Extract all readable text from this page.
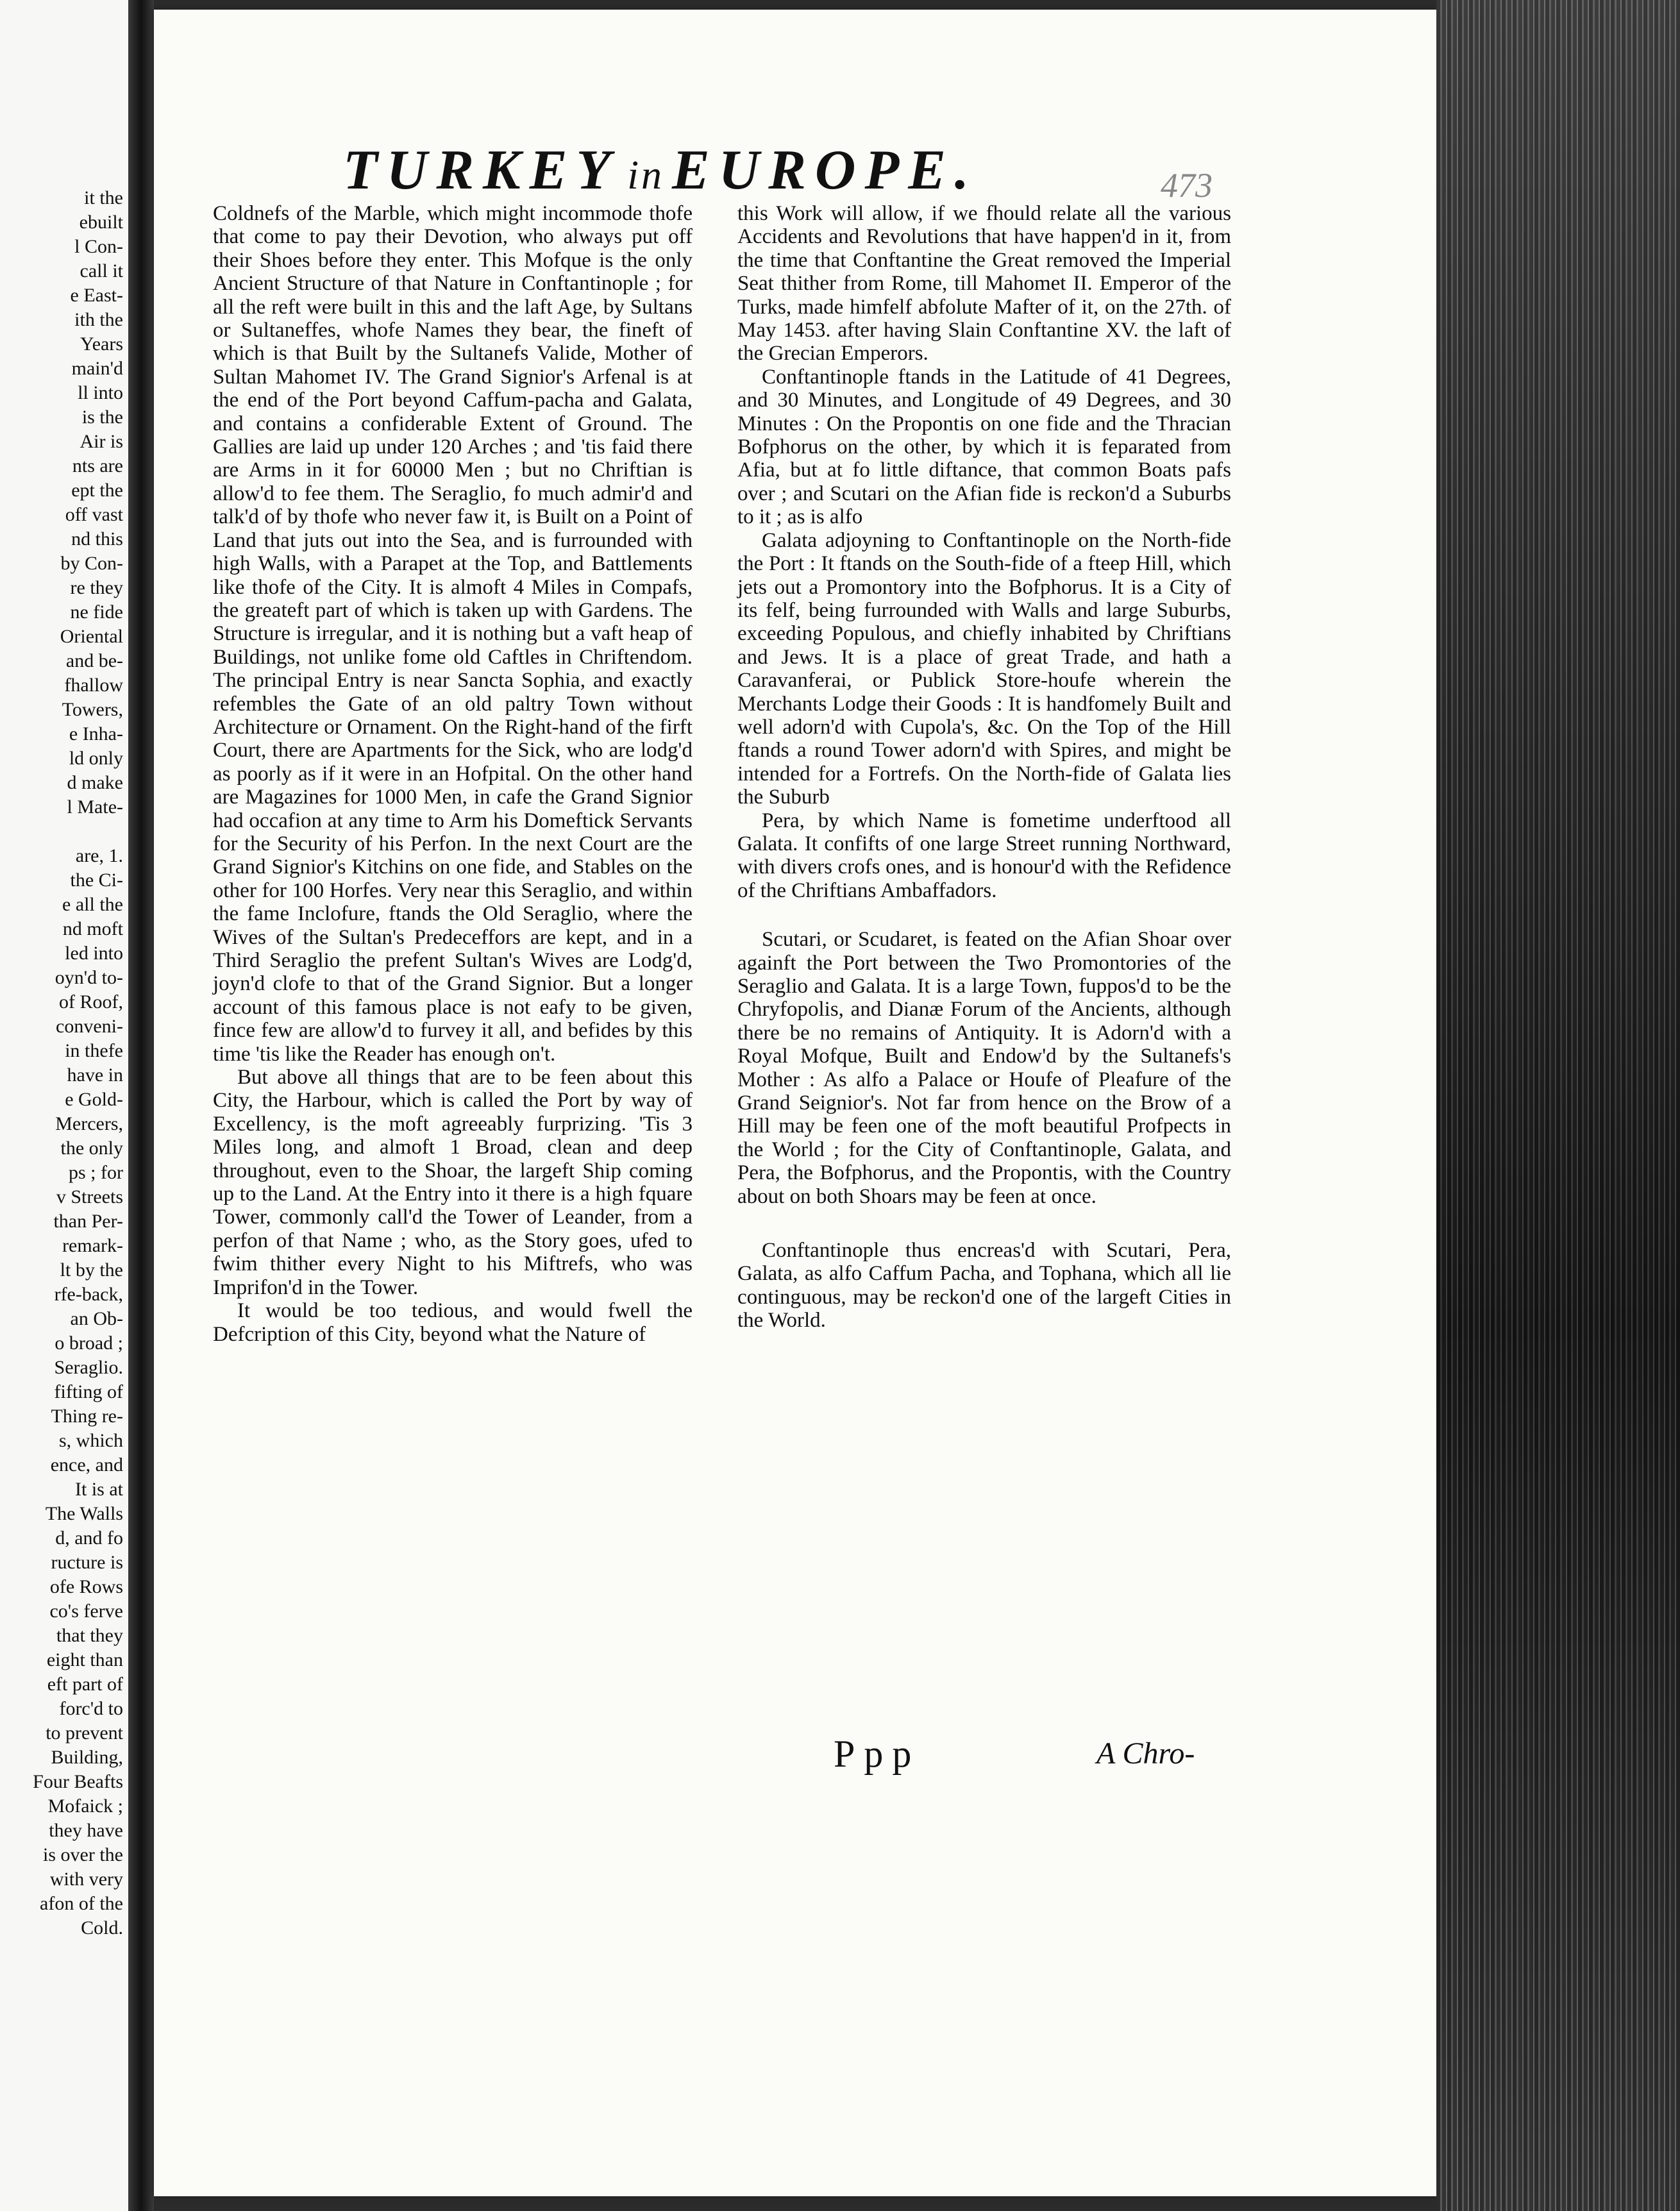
it the
ebuilt
l Con-
call it
e East-
ith the
Years
main'd
ll into
is the
Air is
nts are
ept the
off vast
nd this
by Con-
re they
ne fide
Oriental
and be-
fhallow
Towers,
e Inha-
ld only
d make
l Mate-
are, 1.
the Ci-
e all the
nd moft
led into
oyn'd to-
of Roof,
conveni-
in thefe
have in
e Gold-
Mercers,
the only
ps ; for
v Streets
than Per-
remark-
lt by the
rfe-back,
an Ob-
o broad ;
Seraglio.
fifting of
Thing re-
s, which
ence, and
It is at
The Walls
d, and fo
ructure is
ofe Rows
co's ferve
that they
eight than
eft part of
forc'd to
to prevent
Building,
Four Beafts
Mofaick ;
they have
is over the
with very
afon of the
Cold.
TURKEY in EUROPE.	473

Coldnefs of the Marble, which might incommode thofe that come to pay their Devotion, who always put off their Shoes before they enter. This Mofque is the only Ancient Structure of that Nature in Conftantinople ; for all the reft were built in this and the laft Age, by Sultans or Sultaneffes, whofe Names they bear, the fineft of which is that Built by the Sultanefs Valide, Mother of Sultan Mahomet IV. The Grand Signior's Arfenal is at the end of the Port beyond Caffum-pacha and Galata, and contains a confiderable Extent of Ground. The Gallies are laid up under 120 Arches ; and 'tis faid there are Arms in it for 60000 Men ; but no Chriftian is allow'd to fee them. The Seraglio, fo much admir'd and talk'd of by thofe who never faw it, is Built on a Point of Land that juts out into the Sea, and is furrounded with high Walls, with a Parapet at the Top, and Battlements like thofe of the City. It is almoft 4 Miles in Compafs, the greateft part of which is taken up with Gardens. The Structure is irregular, and it is nothing but a vaft heap of Buildings, not unlike fome old Caftles in Chriftendom. The principal Entry is near Sancta Sophia, and exactly refembles the Gate of an old paltry Town without Architecture or Ornament. On the Right-hand of the firft Court, there are Apartments for the Sick, who are lodg'd as poorly as if it were in an Hofpital. On the other hand are Magazines for 1000 Men, in cafe the Grand Signior had occafion at any time to Arm his Domeftick Servants for the Security of his Perfon. In the next Court are the Grand Signior's Kitchins on one fide, and Stables on the other for 100 Horfes. Very near this Seraglio, and within the fame Inclofure, ftands the Old Seraglio, where the Wives of the Sultan's Predeceffors are kept, and in a Third Seraglio the prefent Sultan's Wives are Lodg'd, joyn'd clofe to that of the Grand Signior. But a longer account of this famous place is not eafy to be given, fince few are allow'd to furvey it all, and befides by this time 'tis like the Reader has enough on't.

But above all things that are to be feen about this City, the Harbour, which is called the Port by way of Excellency, is the moft agreeably furprizing. 'Tis 3 Miles long, and almoft 1 Broad, clean and deep throughout, even to the Shoar, the largeft Ship coming up to the Land. At the Entry into it there is a high fquare Tower, commonly call'd the Tower of Leander, from a perfon of that Name ; who, as the Story goes, ufed to fwim thither every Night to his Miftrefs, who was Imprifon'd in the Tower.

It would be too tedious, and would fwell the Defcription of this City, beyond what the Nature of

this Work will allow, if we fhould relate all the various Accidents and Revolutions that have happen'd in it, from the time that Conftantine the Great removed the Imperial Seat thither from Rome, till Mahomet II. Emperor of the Turks, made himfelf abfolute Mafter of it, on the 27th. of May 1453. after having Slain Conftantine XV. the laft of the Grecian Emperors.

Conftantinople ftands in the Latitude of 41 Degrees, and 30 Minutes, and Longitude of 49 Degrees, and 30 Minutes : On the Propontis on one fide and the Thracian Bofphorus on the other, by which it is feparated from Afia, but at fo little diftance, that common Boats pafs over ; and Scutari on the Afian fide is reckon'd a Suburbs to it ; as is alfo

Galata adjoyning to Conftantinople on the North-fide the Port : It ftands on the South-fide of a fteep Hill, which jets out a Promontory into the Bofphorus. It is a City of its felf, being furrounded with Walls and large Suburbs, exceeding Populous, and chiefly inhabited by Chriftians and Jews. It is a place of great Trade, and hath a Caravanferai, or Publick Store-houfe wherein the Merchants Lodge their Goods : It is handfomely Built and well adorn'd with Cupola's, &c. On the Top of the Hill ftands a round Tower adorn'd with Spires, and might be intended for a Fortrefs. On the North-fide of Galata lies the Suburb

Pera, by which Name is fometime underftood all Galata. It confifts of one large Street running Northward, with divers crofs ones, and is honour'd with the Refidence of the Chriftians Ambaffadors.

Scutari, or Scudaret, is feated on the Afian Shoar over againft the Port between the Two Promontories of the Seraglio and Galata. It is a large Town, fuppos'd to be the Chryfopolis, and Dianæ Forum of the Ancients, although there be no remains of Antiquity. It is Adorn'd with a Royal Mofque, Built and Endow'd by the Sultanefs's Mother : As alfo a Palace or Houfe of Pleafure of the Grand Seignior's. Not far from hence on the Brow of a Hill may be feen one of the moft beautiful Profpects in the World ; for the City of Conftantinople, Galata, and Pera, the Bofphorus, and the Propontis, with the Country about on both Shoars may be feen at once.

Conftantinople thus encreas'd with Scutari, Pera, Galata, as alfo Caffum Pacha, and Tophana, which all lie continguous, may be reckon'd one of the largeft Cities in the World.

Ppp	A Chro-
